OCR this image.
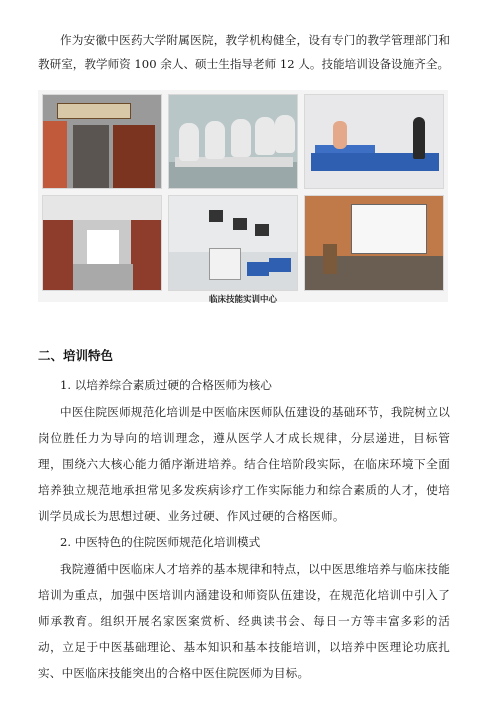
作为安徽中医药大学附属医院，教学机构健全，设有专门的教学管理部门和教研室，教学师资 100 余人、硕士生指导老师 12 人。技能培训设备设施齐全。

临床技能实训中心
二、培训特色

1. 以培养综合素质过硬的合格医师为核心

中医住院医师规范化培训是中医临床医师队伍建设的基础环节，我院树立以岗位胜任力为导向的培训理念，遵从医学人才成长规律，分层递进，目标管理，围绕六大核心能力循序渐进培养。结合住培阶段实际，在临床环境下全面培养独立规范地承担常见多发疾病诊疗工作实际能力和综合素质的人才，使培训学员成长为思想过硬、业务过硬、作风过硬的合格医师。

2. 中医特色的住院医师规范化培训模式

我院遵循中医临床人才培养的基本规律和特点，以中医思维培养与临床技能培训为重点，加强中医培训内涵建设和师资队伍建设，在规范化培训中引入了师承教育。组织开展名家医案赏析、经典读书会、每日一方等丰富多彩的活动，立足于中医基础理论、基本知识和基本技能培训，以培养中医理论功底扎实、中医临床技能突出的合格中医住院医师为目标。
